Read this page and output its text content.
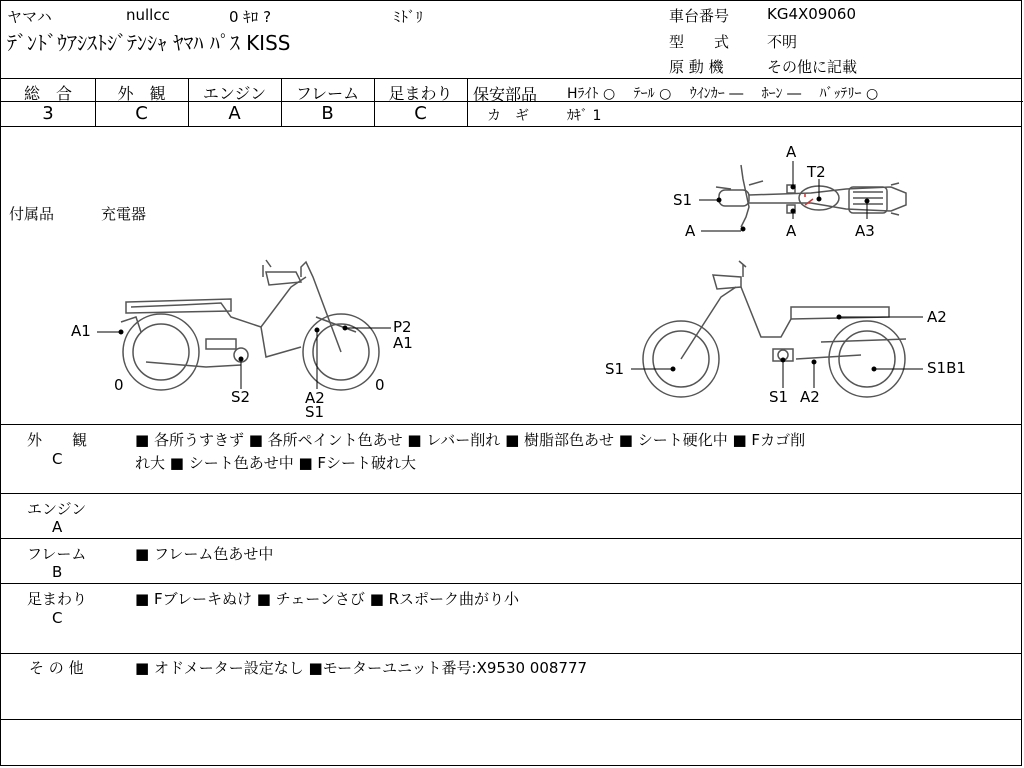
ヤマハ	nullcc	0 ｷﾛ ?	ﾐﾄﾞﾘ
ﾃﾞﾝﾄﾞｳｱｼｽﾄｼﾞﾃﾝｼｬ ﾔﾏﾊ ﾊﾟｽ KISS
車台番号	KG4X09060
型　　式	不明
原 動 機	その他に記載
総　合
3
外　観
C
エンジン
A
フレーム
B
足まわり
C
保安部品 Hﾗｲﾄ ○　 ﾃｰﾙ ○　 ｳｲﾝｶｰ ―　 ﾎｰﾝ ―　 ﾊﾞｯﾃﾘｰ ○
カ　ギ	ｶｷﾞ 1
付属品	充電器
A
T2
S1
A	A	A3
A1
0
S2	A2
S1
0
P2
A1
S1
S1 A2
S1B1
A2
外　　観
C
■ 各所うすきず ■ 各所ペイント色あせ ■ レバー削れ ■ 樹脂部色あせ ■ シート硬化中 ■ Fカゴ削
れ大 ■ シート色あせ中 ■ Fシート破れ大
エンジン
A
フレーム
B
■ フレーム色あせ中
足まわり
C
■ Fブレーキぬけ ■ チェーンさび ■ Rスポーク曲がり小
そ の 他	■ オドメーター設定なし ■モーターユニット番号:X9530 008777
